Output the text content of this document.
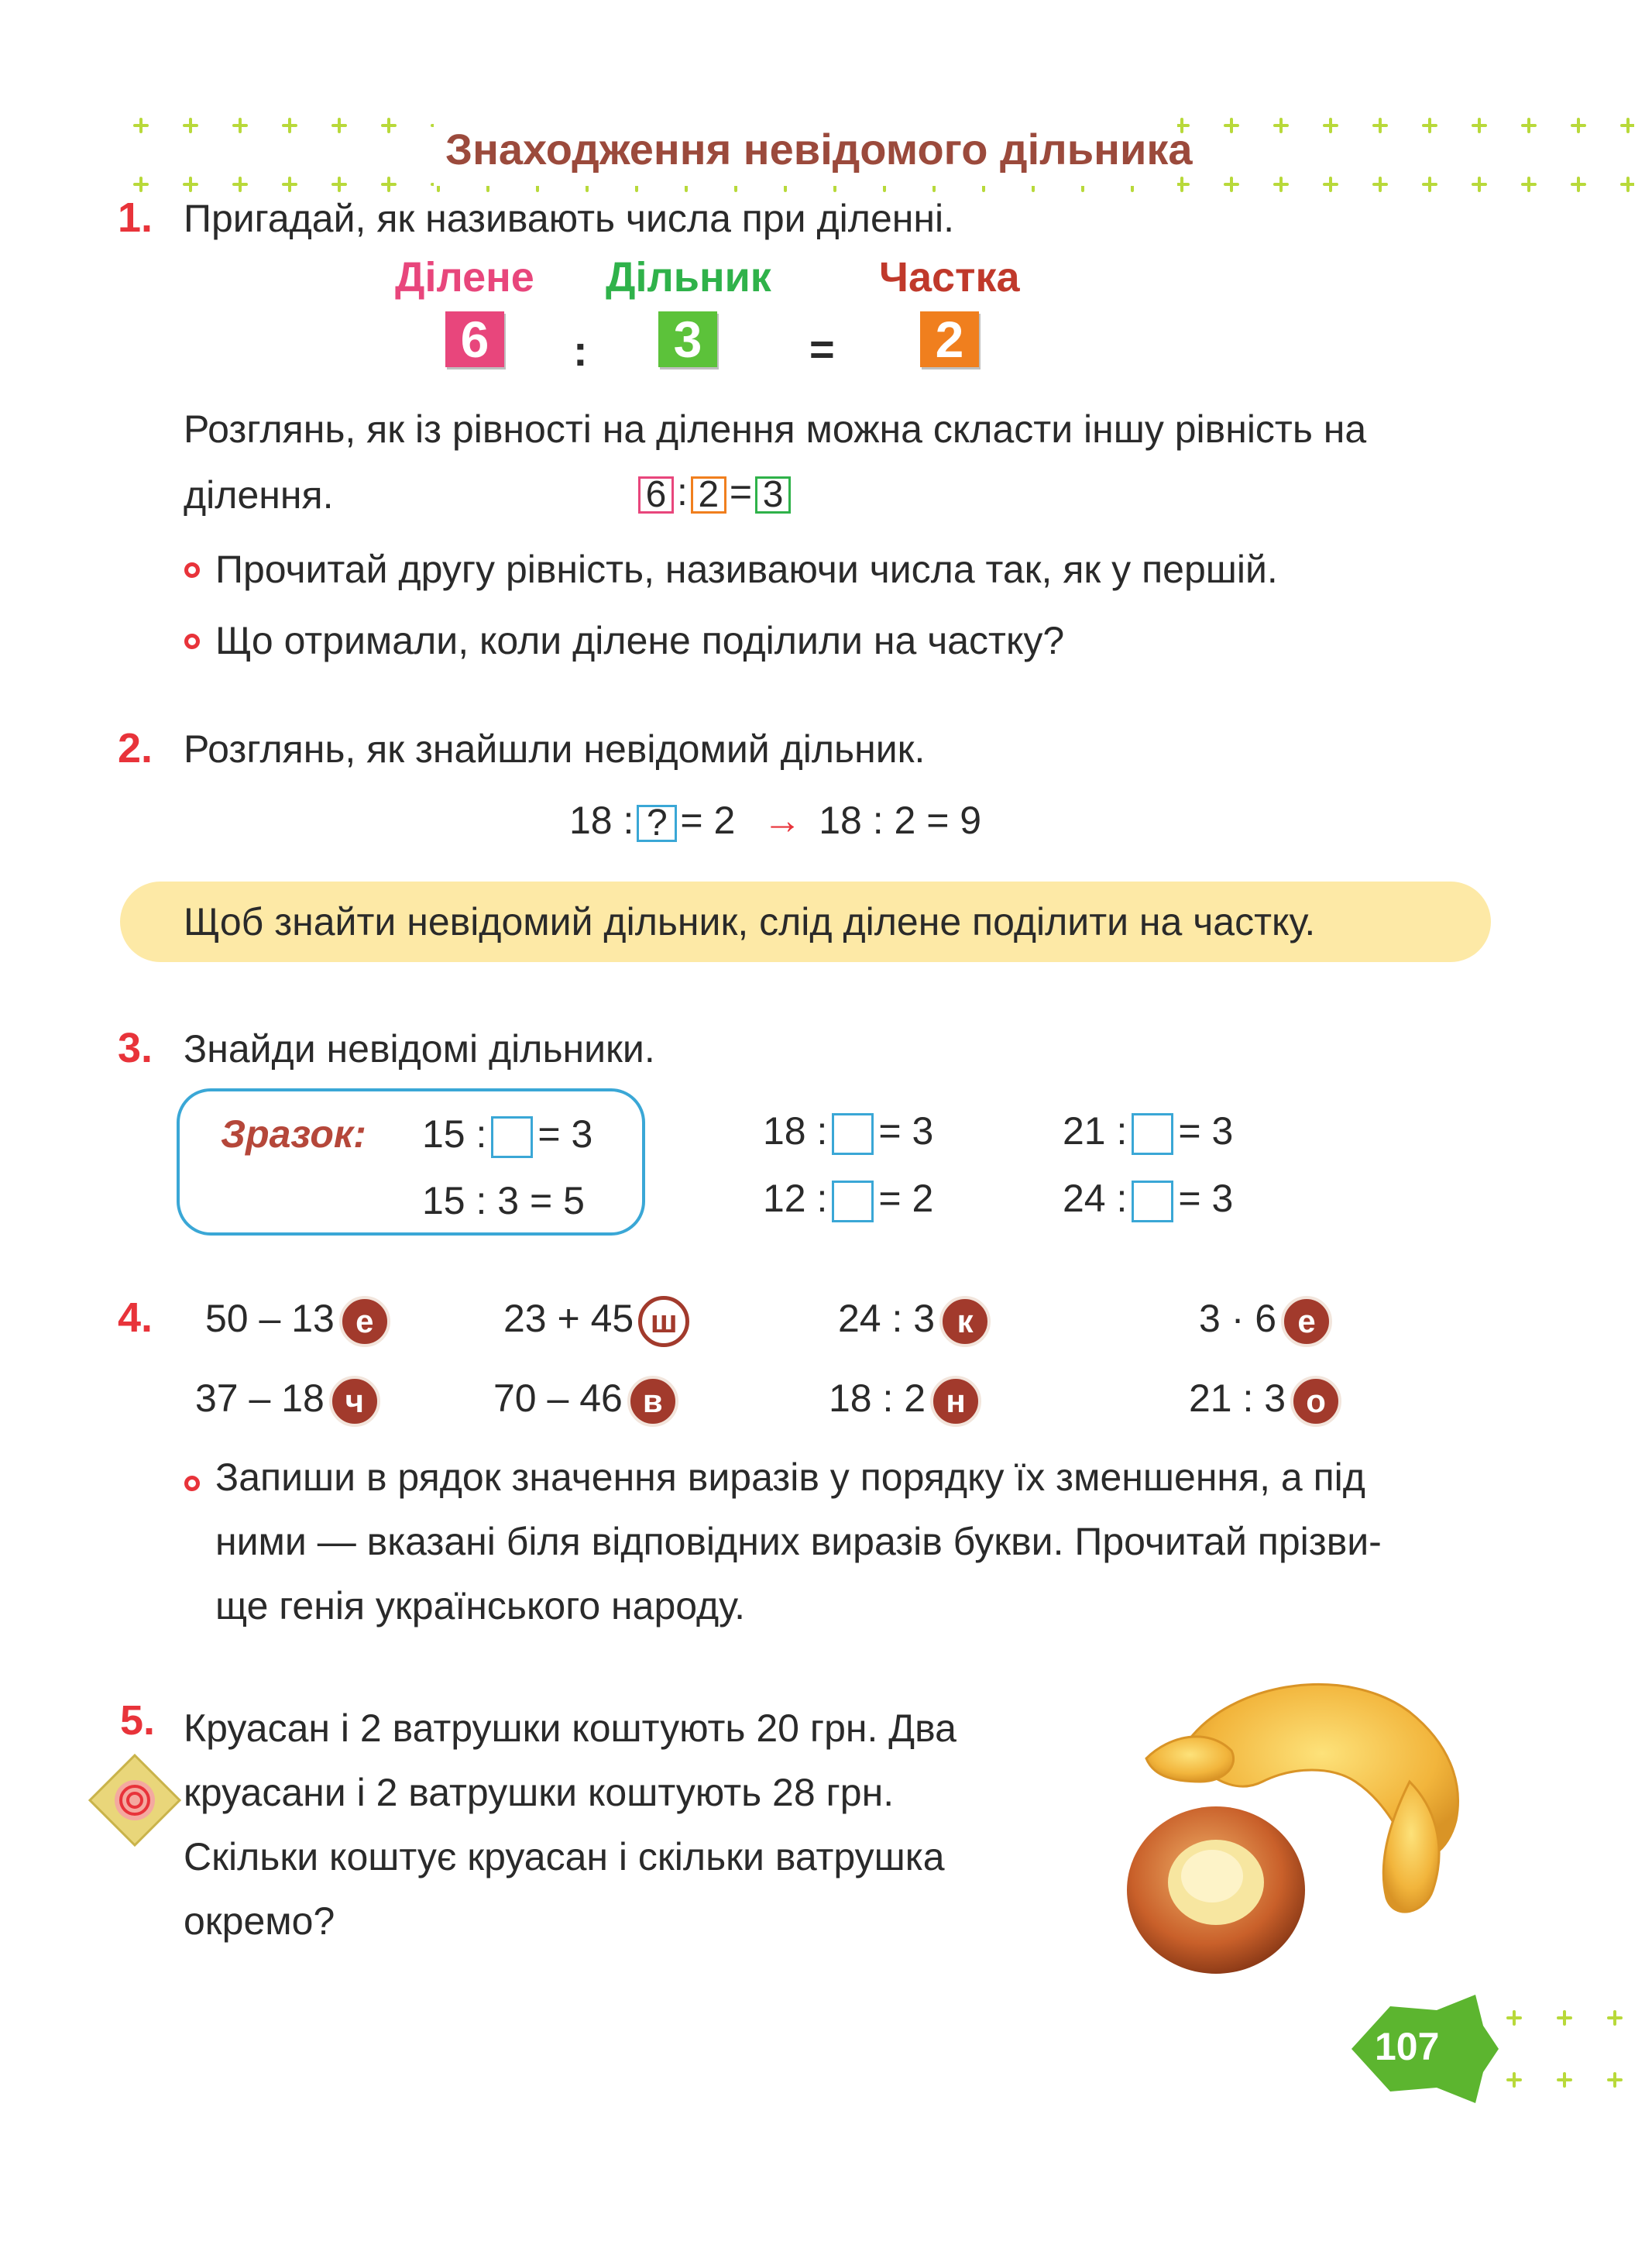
Знаходження невідомого дільника
1. Пригадай, як називають числа при діленні.
Ділене Дільник	Частка
6	: 3	= 2
Розглянь, як із рівності на ділення можна скласти іншу рівність на
ділення.	6 : 2 = 3
Прочитай другу рівність, називаючи числа так, як у першій.
Що отримали, коли ділене поділили на частку?
2. Розглянь, як знайшли невідомий дільник.
18 : ? = 2 → 18 : 2 = 9
Щоб знайти невідомий дільник, слід ділене поділити на частку.
3. Знайди невідомі дільники.
Зразок: 15 : = 3
15 : 3 = 5
18 : = 3
12 : = 2
21 : = 3
24 : = 3
4. 50 – 13 е	23 + 45 ш	24 : 3 к	3 · 6 е
37 – 18 ч	70 – 46 в	18 : 2 н	21 : 3 о
Запиши в рядок значення виразів у порядку їх зменшення, а під
ними — вказані біля відповідних виразів букви. Прочитай прізви-
ще генія українського народу.
5. Круасан і 2 ватрушки коштують 20 грн. Два
круасани і 2 ватрушки коштують 28 грн.
Скільки коштує круасан і скільки ватрушка
окремо?
107
